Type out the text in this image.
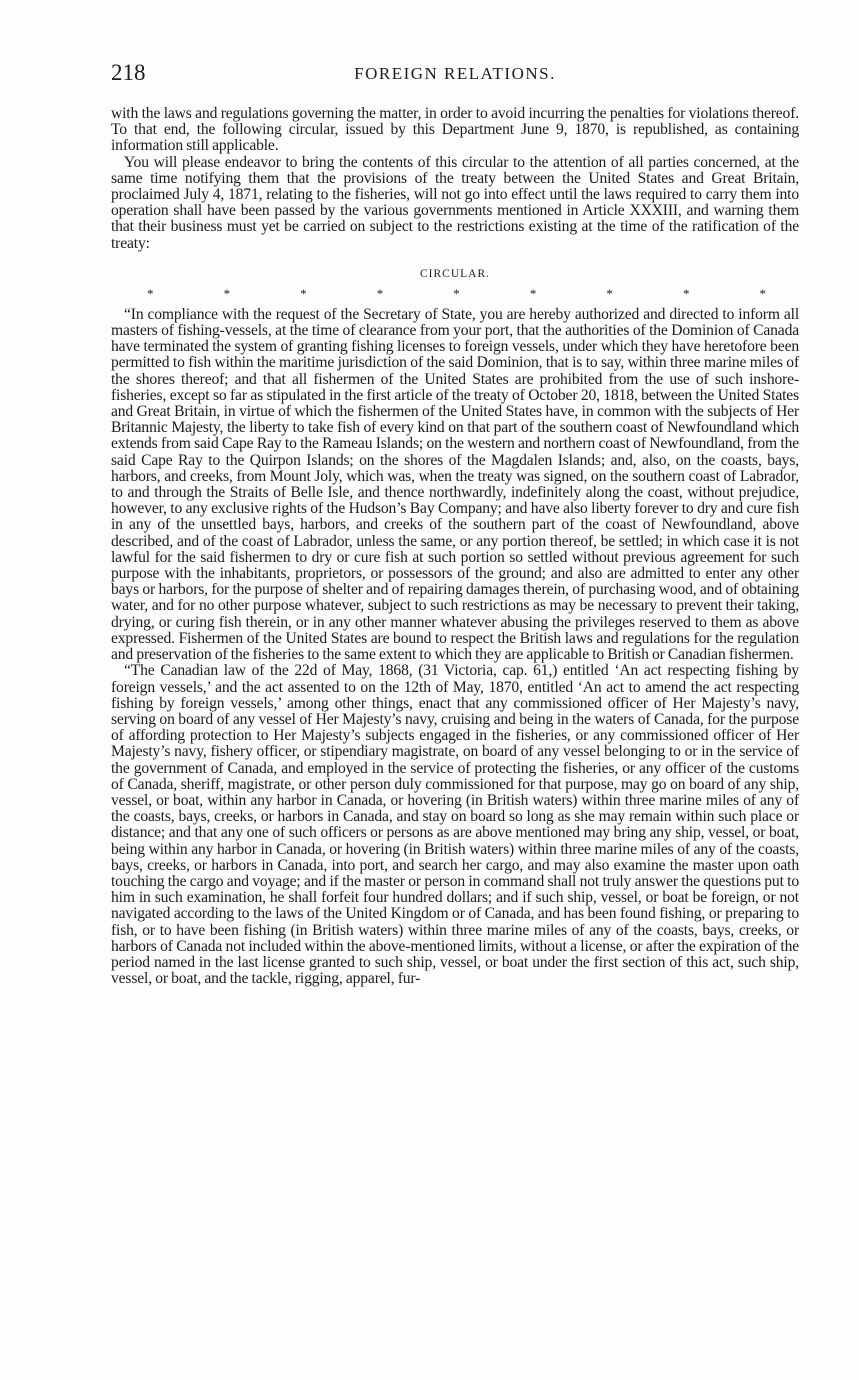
218	FOREIGN RELATIONS.

with the laws and regulations governing the matter, in order to avoid incurring the penalties for violations thereof. To that end, the following circular, issued by this Department June 9, 1870, is republished, as containing information still applicable.

You will please endeavor to bring the contents of this circular to the attention of all parties concerned, at the same time notifying them that the provisions of the treaty between the United States and Great Britain, proclaimed July 4, 1871, relating to the fisheries, will not go into effect until the laws required to carry them into operation shall have been passed by the various governments mentioned in Article XXXIII, and warning them that their business must yet be carried on subject to the restrictions existing at the time of the ratification of the treaty:

CIRCULAR.
*	*	*	*	*	*	*	*	*

“In compliance with the request of the Secretary of State, you are hereby authorized and directed to inform all masters of fishing-vessels, at the time of clearance from your port, that the authorities of the Dominion of Canada have terminated the system of granting fishing licenses to foreign vessels, under which they have heretofore been permitted to fish within the maritime jurisdiction of the said Dominion, that is to say, within three marine miles of the shores thereof; and that all fishermen of the United States are prohibited from the use of such inshore-fisheries, except so far as stipulated in the first article of the treaty of October 20, 1818, between the United States and Great Britain, in virtue of which the fishermen of the United States have, in common with the subjects of Her Britannic Majesty, the liberty to take fish of every kind on that part of the southern coast of Newfoundland which extends from said Cape Ray to the Rameau Islands; on the western and northern coast of Newfoundland, from the said Cape Ray to the Quirpon Islands; on the shores of the Magdalen Islands; and, also, on the coasts, bays, harbors, and creeks, from Mount Joly, which was, when the treaty was signed, on the southern coast of Labrador, to and through the Straits of Belle Isle, and thence northwardly, indefinitely along the coast, without prejudice, however, to any exclusive rights of the Hudson’s Bay Company; and have also liberty forever to dry and cure fish in any of the unsettled bays, harbors, and creeks of the southern part of the coast of Newfoundland, above described, and of the coast of Labrador, unless the same, or any portion thereof, be settled; in which case it is not lawful for the said fishermen to dry or cure fish at such portion so settled without previous agreement for such purpose with the inhabitants, proprietors, or possessors of the ground; and also are admitted to enter any other bays or harbors, for the purpose of shelter and of repairing damages therein, of purchasing wood, and of obtaining water, and for no other purpose whatever, subject to such restrictions as may be necessary to prevent their taking, drying, or curing fish therein, or in any other manner whatever abusing the privileges reserved to them as above expressed. Fishermen of the United States are bound to respect the British laws and regulations for the regulation and preservation of the fisheries to the same extent to which they are applicable to British or Canadian fishermen.

“The Canadian law of the 22d of May, 1868, (31 Victoria, cap. 61,) entitled ‘An act respecting fishing by foreign vessels,’ and the act assented to on the 12th of May, 1870, entitled ‘An act to amend the act respecting fishing by foreign vessels,’ among other things, enact that any commissioned officer of Her Majesty’s navy, serving on board of any vessel of Her Majesty’s navy, cruising and being in the waters of Canada, for the purpose of affording protection to Her Majesty’s subjects engaged in the fisheries, or any commissioned officer of Her Majesty’s navy, fishery officer, or stipendiary magistrate, on board of any vessel belonging to or in the service of the government of Canada, and employed in the service of protecting the fisheries, or any officer of the customs of Canada, sheriff, magistrate, or other person duly commissioned for that purpose, may go on board of any ship, vessel, or boat, within any harbor in Canada, or hovering (in British waters) within three marine miles of any of the coasts, bays, creeks, or harbors in Canada, and stay on board so long as she may remain within such place or distance; and that any one of such officers or persons as are above mentioned may bring any ship, vessel, or boat, being within any harbor in Canada, or hovering (in British waters) within three marine miles of any of the coasts, bays, creeks, or harbors in Canada, into port, and search her cargo, and may also examine the master upon oath touching the cargo and voyage; and if the master or person in command shall not truly answer the questions put to him in such examination, he shall forfeit four hundred dollars; and if such ship, vessel, or boat be foreign, or not navigated according to the laws of the United Kingdom or of Canada, and has been found fishing, or preparing to fish, or to have been fishing (in British waters) within three marine miles of any of the coasts, bays, creeks, or harbors of Canada not included within the above-mentioned limits, without a license, or after the expiration of the period named in the last license granted to such ship, vessel, or boat under the first section of this act, such ship, vessel, or boat, and the tackle, rigging, apparel, fur-
